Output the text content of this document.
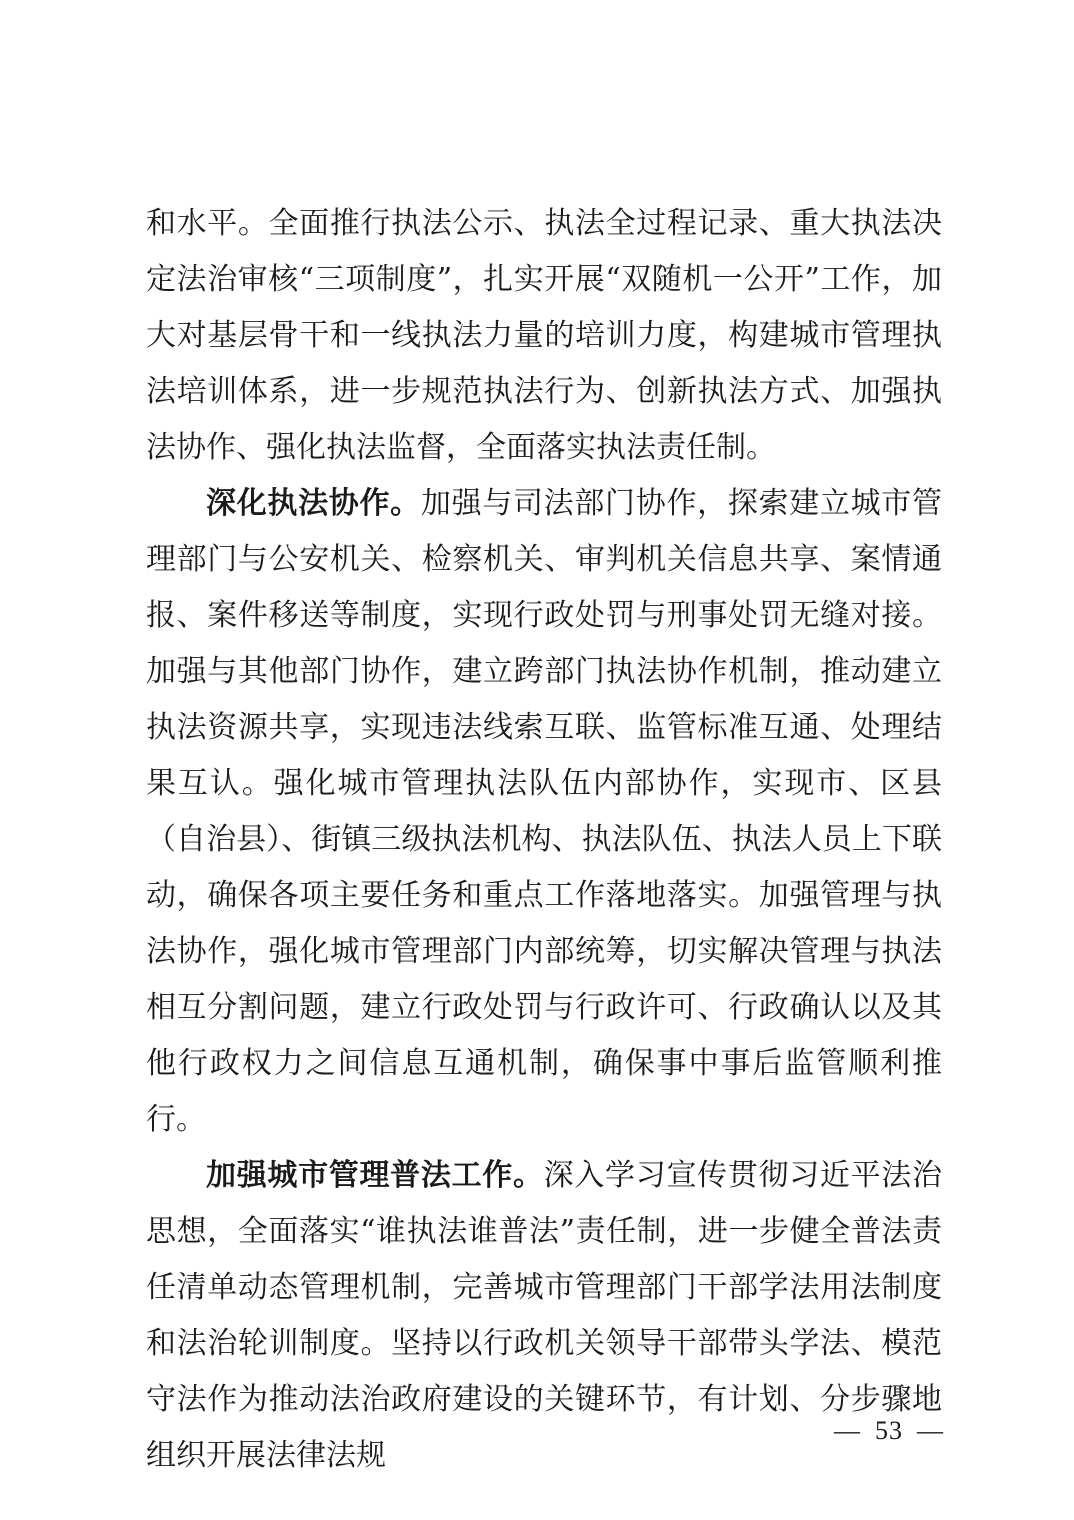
和水平。全面推行执法公示、执法全过程记录、重大执法决定法治审核“三项制度”，扎实开展“双随机一公开”工作，加大对基层骨干和一线执法力量的培训力度，构建城市管理执法培训体系，进一步规范执法行为、创新执法方式、加强执法协作、强化执法监督，全面落实执法责任制。

深化执法协作。加强与司法部门协作，探索建立城市管理部门与公安机关、检察机关、审判机关信息共享、案情通报、案件移送等制度，实现行政处罚与刑事处罚无缝对接。加强与其他部门协作，建立跨部门执法协作机制，推动建立执法资源共享，实现违法线索互联、监管标准互通、处理结果互认。强化城市管理执法队伍内部协作，实现市、区县（自治县）、街镇三级执法机构、执法队伍、执法人员上下联动，确保各项主要任务和重点工作落地落实。加强管理与执法协作，强化城市管理部门内部统筹，切实解决管理与执法相互分割问题，建立行政处罚与行政许可、行政确认以及其他行政权力之间信息互通机制，确保事中事后监管顺利推行。

加强城市管理普法工作。深入学习宣传贯彻习近平法治思想，全面落实“谁执法谁普法”责任制，进一步健全普法责任清单动态管理机制，完善城市管理部门干部学法用法制度和法治轮训制度。坚持以行政机关领导干部带头学法、模范守法作为推动法治政府建设的关键环节，有计划、分步骤地组织开展法律法规

— 53 —
